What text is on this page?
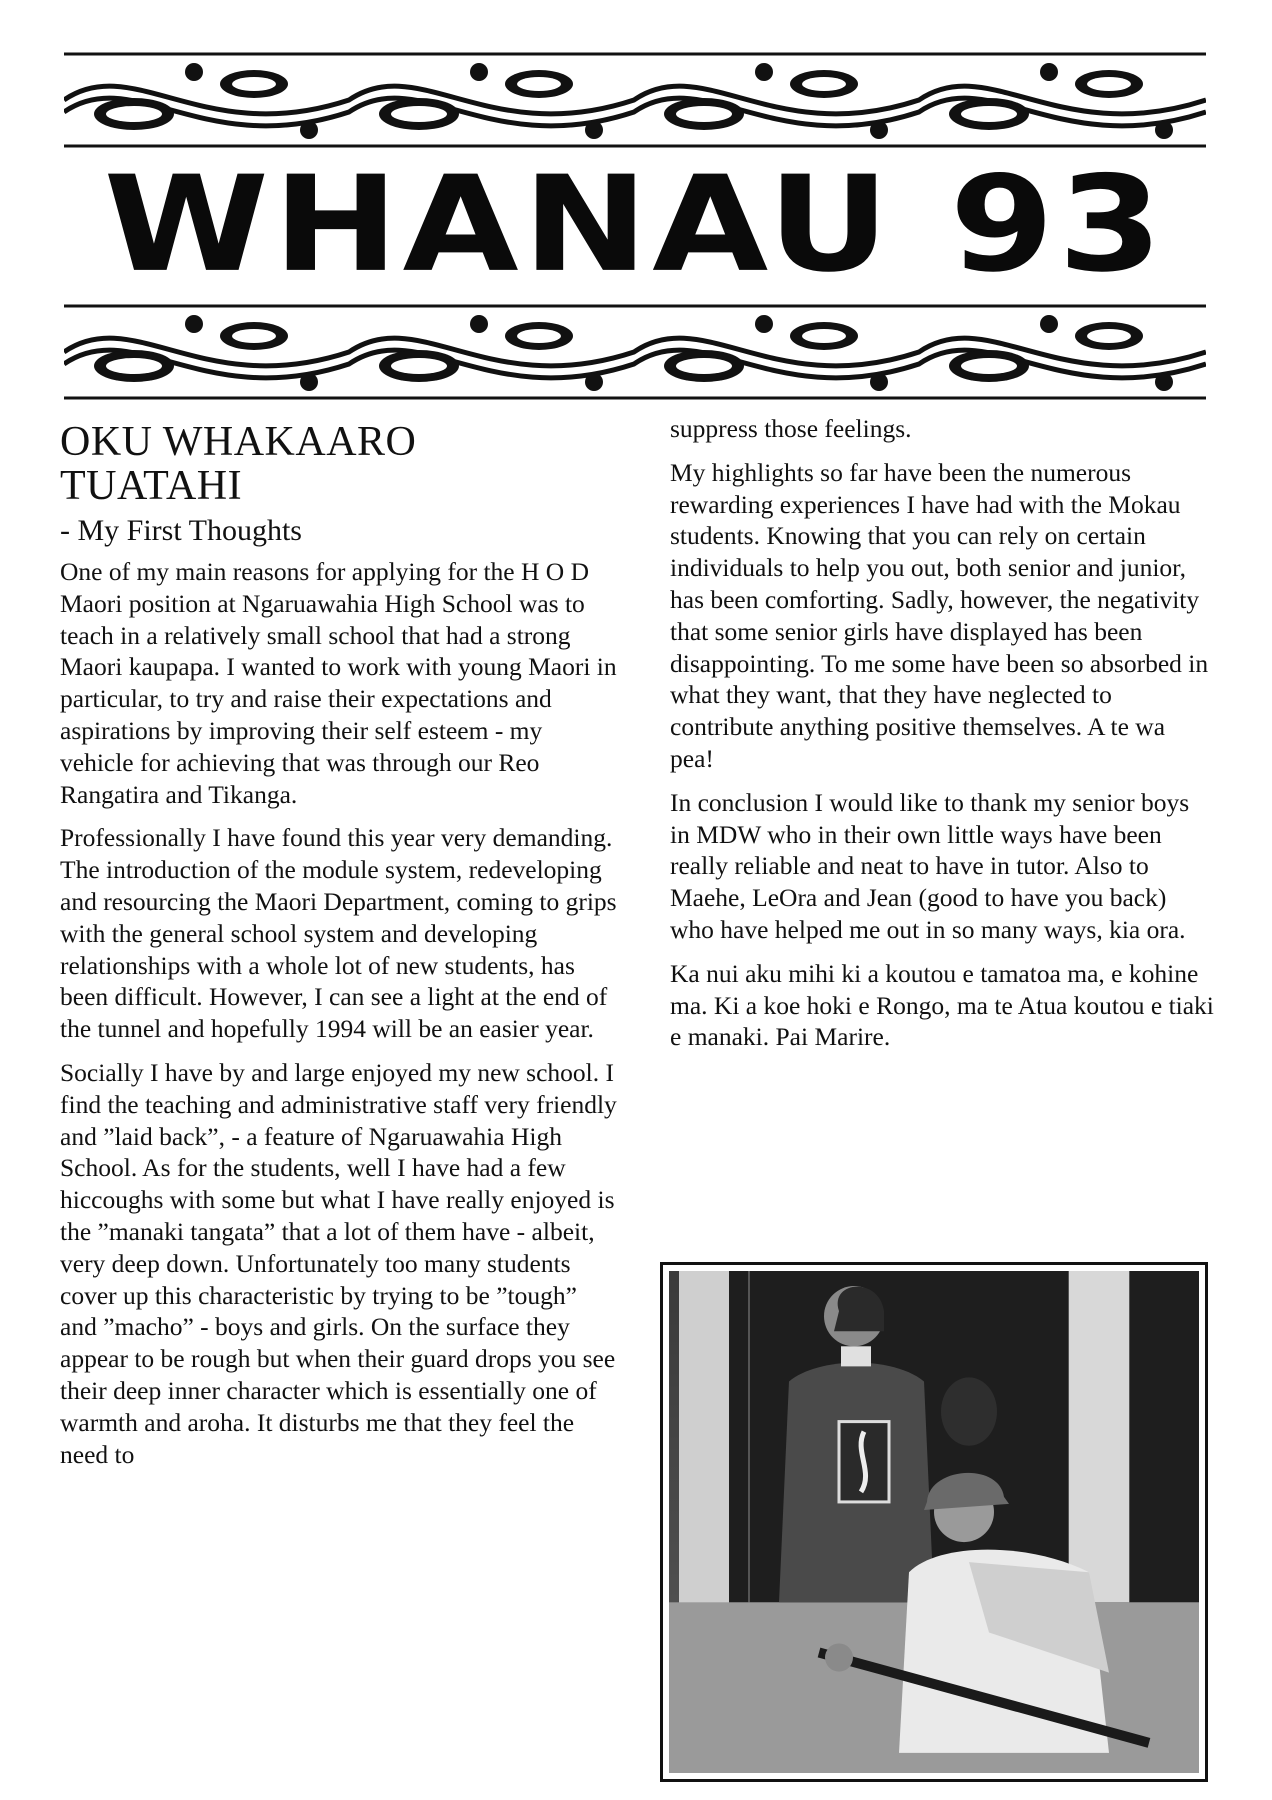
WHANAU 93
OKU WHAKAARO
TUATAHI
- My First Thoughts

One of my main reasons for applying for the H O D Maori position at Ngaruawahia High School was to teach in a relatively small school that had a strong Maori kaupapa. I wanted to work with young Maori in particular, to try and raise their expectations and aspirations by improving their self esteem - my vehicle for achieving that was through our Reo Rangatira and Tikanga.

Professionally I have found this year very demanding. The introduction of the module system, redeveloping and resourcing the Maori Department, coming to grips with the general school system and developing relationships with a whole lot of new students, has been difficult. However, I can see a light at the end of the tunnel and hopefully 1994 will be an easier year.

Socially I have by and large enjoyed my new school. I find the teaching and administrative staff very friendly and ”laid back”, - a feature of Ngaruawahia High School. As for the students, well I have had a few hiccoughs with some but what I have really enjoyed is the ”manaki tangata” that a lot of them have - albeit, very deep down. Unfortunately too many students cover up this characteristic by trying to be ”tough” and ”macho” - boys and girls. On the surface they appear to be rough but when their guard drops you see their deep inner character which is essentially one of warmth and aroha. It disturbs me that they feel the need to

suppress those feelings.

My highlights so far have been the numerous rewarding experiences I have had with the Mokau students. Knowing that you can rely on certain individuals to help you out, both senior and junior, has been comforting. Sadly, however, the negativity that some senior girls have displayed has been disappointing. To me some have been so absorbed in what they want, that they have neglected to contribute anything positive themselves. A te wa pea!

In conclusion I would like to thank my senior boys in MDW who in their own little ways have been really reliable and neat to have in tutor. Also to Maehe, LeOra and Jean (good to have you back) who have helped me out in so many ways, kia ora.

Ka nui aku mihi ki a koutou e tamatoa ma, e kohine ma. Ki a koe hoki e Rongo, ma te Atua koutou e tiaki e manaki. Pai Marire.
